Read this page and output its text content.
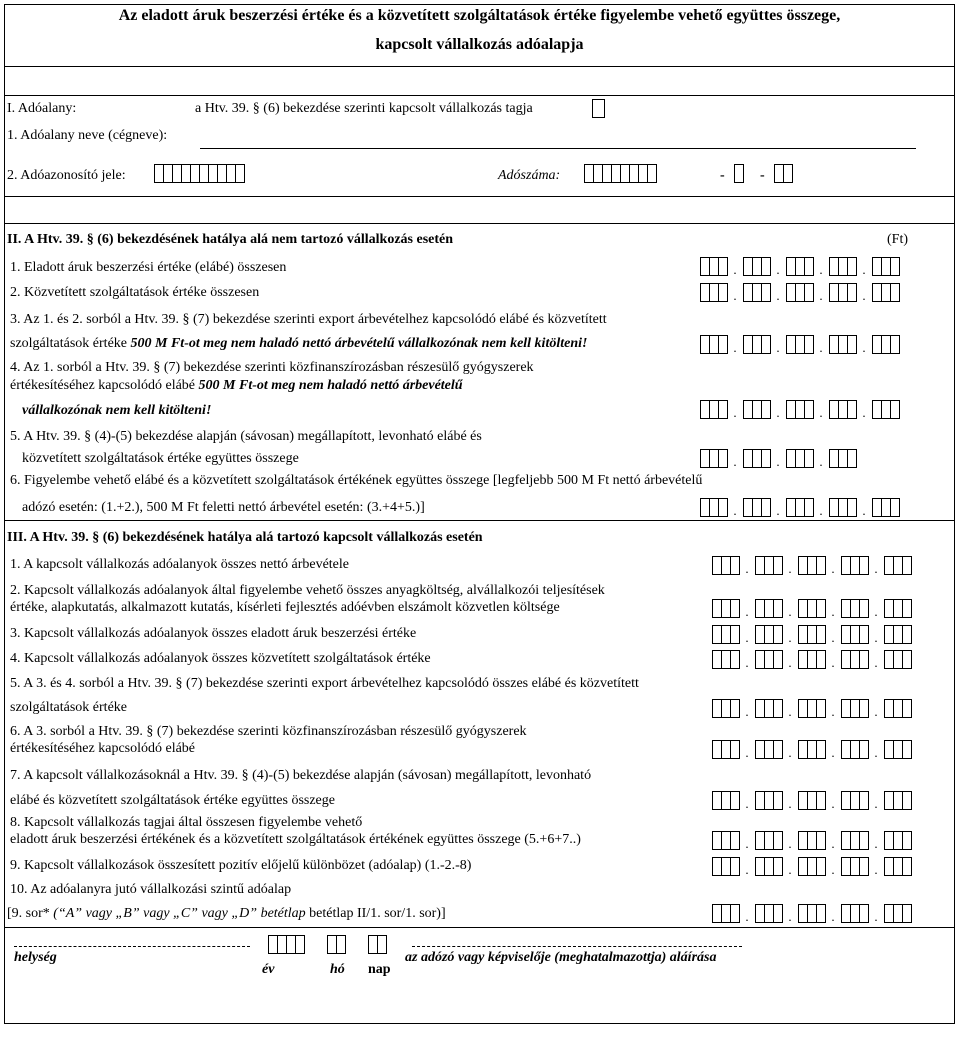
Az eladott áruk beszerzési értéke és a közvetített szolgáltatások értéke figyelembe vehető együttes összege,
kapcsolt vállalkozás adóalapja
I. Adóalany:	a Htv. 39. § (6) bekezdése szerinti kapcsolt vállalkozás tagja
1. Adóalany neve (cégneve):
2. Adóazonosító jele:	Adószáma:	-	-
II. A Htv. 39. § (6) bekezdésének hatálya alá nem tartozó vállalkozás esetén	(Ft)
1. Eladott áruk beszerzési értéke (elábé) összesen	.	.	.	.
2. Közvetített szolgáltatások értéke összesen	.	.	.	.
3. Az 1. és 2. sorból a Htv. 39. § (7) bekezdése szerinti export árbevételhez kapcsolódó elábé és közvetített
szolgáltatások értéke 500 M Ft-ot meg nem haladó nettó árbevételű vállalkozónak nem kell kitölteni!	.	.	.	.
4. Az 1. sorból a Htv. 39. § (7) bekezdése szerinti közfinanszírozásban részesülő gyógyszerek
értékesítéséhez kapcsolódó elábé 500 M Ft-ot meg nem haladó nettó árbevételű
vállalkozónak nem kell kitölteni!	.	.	.	.
5. A Htv. 39. § (4)-(5) bekezdése alapján (sávosan) megállapított, levonható elábé és
közvetített szolgáltatások értéke együttes összege	.	.	.
6. Figyelembe vehető elábé és a közvetített szolgáltatások értékének együttes összege [legfeljebb 500 M Ft nettó árbevételű
adózó esetén: (1.+2.), 500 M Ft feletti nettó árbevétel esetén: (3.+4+5.)]	.	.	.	.
III. A Htv. 39. § (6) bekezdésének hatálya alá tartozó kapcsolt vállalkozás esetén
1. A kapcsolt vállalkozás adóalanyok összes nettó árbevétele	.	.	.	.
2. Kapcsolt vállalkozás adóalanyok által figyelembe vehető összes anyagköltség, alvállalkozói teljesítések
értéke, alapkutatás, alkalmazott kutatás, kísérleti fejlesztés adóévben elszámolt közvetlen költsége	.	.	.	.
3. Kapcsolt vállalkozás adóalanyok összes eladott áruk beszerzési értéke	.	.	.	.
4. Kapcsolt vállalkozás adóalanyok összes közvetített szolgáltatások értéke	.	.	.	.
5. A 3. és 4. sorból a Htv. 39. § (7) bekezdése szerinti export árbevételhez kapcsolódó összes elábé és közvetített
szolgáltatások értéke	.	.	.	.
6. A 3. sorból a Htv. 39. § (7) bekezdése szerinti közfinanszírozásban részesülő gyógyszerek
értékesítéséhez kapcsolódó elábé	.	.	.	.
7. A kapcsolt vállalkozásoknál a Htv. 39. § (4)-(5) bekezdése alapján (sávosan) megállapított, levonható
elábé és közvetített szolgáltatások értéke együttes összege	.	.	.	.
8. Kapcsolt vállalkozás tagjai által összesen figyelembe vehető
eladott áruk beszerzési értékének és a közvetített szolgáltatások értékének együttes összege (5.+6+7..)	.	.	.	.
9. Kapcsolt vállalkozások összesített pozitív előjelű különbözet (adóalap) (1.-2.-8)	.	.	.	.
10. Az adóalanyra jutó vállalkozási szintű adóalap
[9. sor* (“A” vagy „B” vagy „C” vagy „D” betétlap betétlap II/1. sor/1. sor)]	.	.	.	.
helység
év	hó nap
az adózó vagy képviselője (meghatalmazottja) aláírása
